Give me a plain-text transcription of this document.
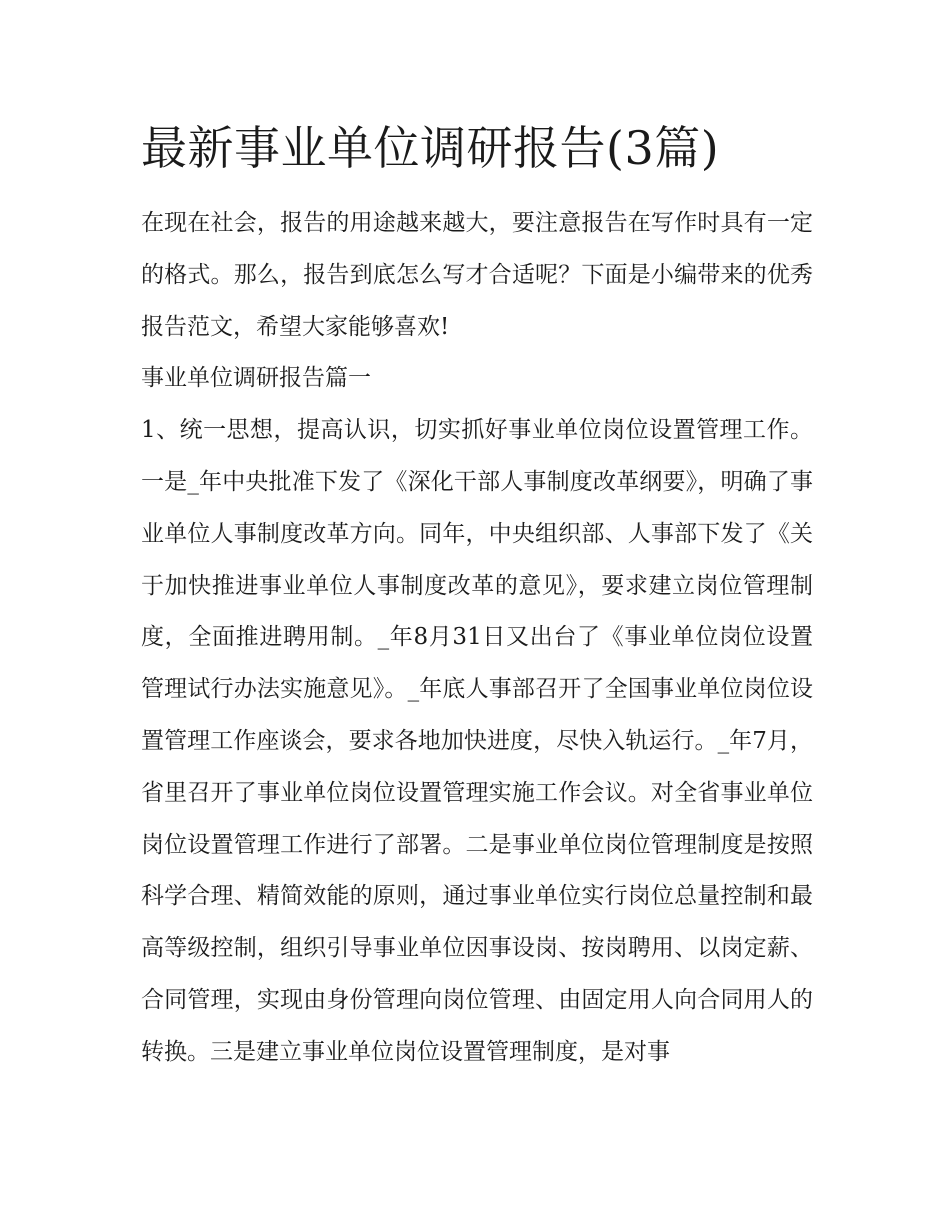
最新事业单位调研报告(3篇)

在现在社会，报告的用途越来越大，要注意报告在写作时具有一定的格式。那么，报告到底怎么写才合适呢？下面是小编带来的优秀报告范文，希望大家能够喜欢!

事业单位调研报告篇一

1、统一思想，提高认识，切实抓好事业单位岗位设置管理工作。一是_年中央批准下发了《深化干部人事制度改革纲要》，明确了事业单位人事制度改革方向。同年，中央组织部、人事部下发了《关于加快推进事业单位人事制度改革的意见》，要求建立岗位管理制度，全面推进聘用制。_年8月31日又出台了《事业单位岗位设置管理试行办法实施意见》。_年底人事部召开了全国事业单位岗位设置管理工作座谈会，要求各地加快进度，尽快入轨运行。_年7月，省里召开了事业单位岗位设置管理实施工作会议。对全省事业单位岗位设置管理工作进行了部署。二是事业单位岗位管理制度是按照科学合理、精简效能的原则，通过事业单位实行岗位总量控制和最高等级控制，组织引导事业单位因事设岗、按岗聘用、以岗定薪、合同管理，实现由身份管理向岗位管理、由固定用人向合同用人的转换。三是建立事业单位岗位设置管理制度，是对事
